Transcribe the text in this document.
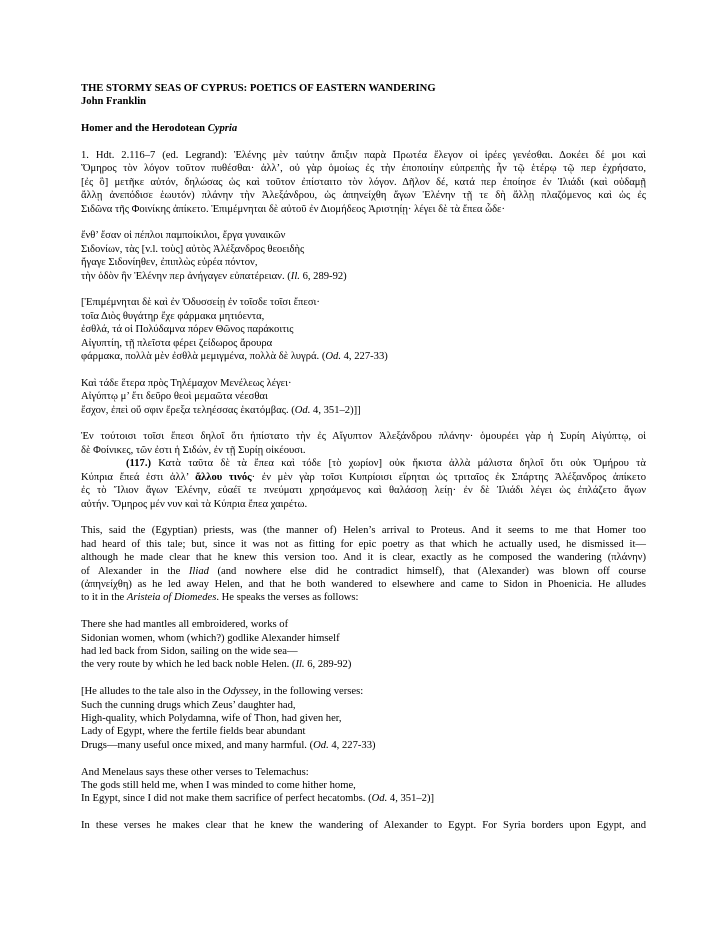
THE STORMY SEAS OF CYPRUS: POETICS OF EASTERN WANDERING
John Franklin
Homer and the Herodotean Cypria
1. Hdt. 2.116–7 (ed. Legrand): Ἑλένης μὲν ταύτην ἄπιξιν παρὰ Πρωτέα ἔλεγον οἱ ἱρέες γενέσθαι. Δοκέει δέ μοι καὶ
Ὅμηρος τὸν λόγον τοῦτον πυθέσθαι· ἀλλ’, οὐ γὰρ ὁμοίως ἐς τὴν ἐποποιίην εὐπρεπὴς ἦν τῷ ἑτέρῳ τῷ περ ἐχρήσατο,
[ἐς ὃ] μετῆκε αὐτόν, δηλώσας ὡς καὶ τοῦτον ἐπίσταιτο τὸν λόγον. Δῆλον δέ, κατά περ ἐποίησε ἐν Ἰλιάδι (καὶ οὐδαμῇ
ἄλλῃ ἀνεπόδισε ἑωυτόν) πλάνην τὴν Ἀλεξάνδρου, ὡς ἀπηνείχθη ἄγων Ἑλένην τῇ τε δὴ ἄλλῃ πλαζόμενος καὶ ὡς ἐς
Σιδῶνα τῆς Φοινίκης ἀπίκετο. Ἐπιμέμνηται δὲ αὐτοῦ ἐν Διομήδεος Ἀριστηίῃ· λέγει δὲ τὰ ἔπεα ὧδε·
ἔνθ’ ἔσαν οἱ πέπλοι παμποίκιλοι, ἔργα γυναικῶν
Σιδονίων, τὰς [v.l. τοὺς] αὐτὸς Ἀλέξανδρος θεοειδὴς
ἤγαγε Σιδονίηθεν, ἐπιπλὼς εὐρέα πόντον,
τὴν ὁδὸν ἣν Ἑλένην περ ἀνήγαγεν εὐπατέρειαν. (Il. 6, 289-92)
[Ἐπιμέμνηται δὲ καὶ ἐν Ὀδυσσείῃ ἐν τοῖσδε τοῖσι ἔπεσι·
τοῖα Διὸς θυγάτηρ ἔχε φάρμακα μητιόεντα,
ἐσθλά, τά οἱ Πολύδαμνα πόρεν Θῶνος παράκοιτις
Αἰγυπτίη, τῇ πλεῖστα φέρει ζείδωρος ἄρουρα
φάρμακα, πολλὰ μὲν ἐσθλὰ μεμιγμένα, πολλὰ δὲ λυγρά. (Od. 4, 227-33)
Καὶ τάδε ἕτερα πρὸς Τηλέμαχον Μενέλεως λέγει·
Αἰγύπτῳ μ’ ἔτι δεῦρο θεοὶ μεμαῶτα νέεσθαι
ἔσχον, ἐπεὶ οὔ σφιν ἔρεξα τεληέσσας ἑκατόμβας. (Od. 4, 351–2)]]
Ἐν τούτοισι τοῖσι ἔπεσι δηλοῖ ὅτι ἠπίστατο τὴν ἐς Αἴγυπτον Ἀλεξάνδρου πλάνην· ὁμουρέει γὰρ ἡ Συρίη Αἰγύπτῳ, οἱ
δὲ Φοίνικες, τῶν ἐστι ἡ Σιδών, ἐν τῇ Συρίῃ οἰκέουσι.
(117.) Κατὰ ταῦτα δὲ τὰ ἔπεα καὶ τόδε [τὸ χωρίον] οὐκ ἥκιστα ἀλλὰ μάλιστα δηλοῖ ὅτι οὐκ Ὁμήρου τὰ
Κύπρια ἔπεά ἐστι ἀλλ’ ἄλλου τινός· ἐν μὲν γὰρ τοῖσι Κυπρίοισι εἴρηται ὡς τριταῖος ἐκ Σπάρτης Ἀλέξανδρος ἀπίκετο
ἐς τὸ Ἴλιον ἄγων Ἑλένην, εὐαέϊ τε πνεύματι χρησάμενος καὶ θαλάσσῃ λείῃ· ἐν δὲ Ἰλιάδι λέγει ὡς ἐπλάζετο ἄγων
αὐτήν. Ὅμηρος μέν νυν καὶ τὰ Κύπρια ἔπεα χαιρέτω.
This, said the (Egyptian) priests, was (the manner of) Helen’s arrival to Proteus. And it seems to me that Homer too
had heard of this tale; but, since it was not as fitting for epic poetry as that which he actually used, he dismissed it—
although he made clear that he knew this version too. And it is clear, exactly as he composed the wandering (πλάνην)
of Alexander in the Iliad (and nowhere else did he contradict himself), that (Alexander) was blown off course
(ἀπηνείχθη) as he led away Helen, and that he both wandered to elsewhere and came to Sidon in Phoenicia. He alludes
to it in the Aristeia of Diomedes. He speaks the verses as follows:
There she had mantles all embroidered, works of
Sidonian women, whom (which?) godlike Alexander himself
had led back from Sidon, sailing on the wide sea—
the very route by which he led back noble Helen. (Il. 6, 289-92)
[He alludes to the tale also in the Odyssey, in the following verses:
Such the cunning drugs which Zeus’ daughter had,
High-quality, which Polydamna, wife of Thon, had given her,
Lady of Egypt, where the fertile fields bear abundant
Drugs—many useful once mixed, and many harmful. (Od. 4, 227-33)
And Menelaus says these other verses to Telemachus:
The gods still held me, when I was minded to come hither home,
In Egypt, since I did not make them sacrifice of perfect hecatombs. (Od. 4, 351–2)]
In these verses he makes clear that he knew the wandering of Alexander to Egypt. For Syria borders upon Egypt, and
